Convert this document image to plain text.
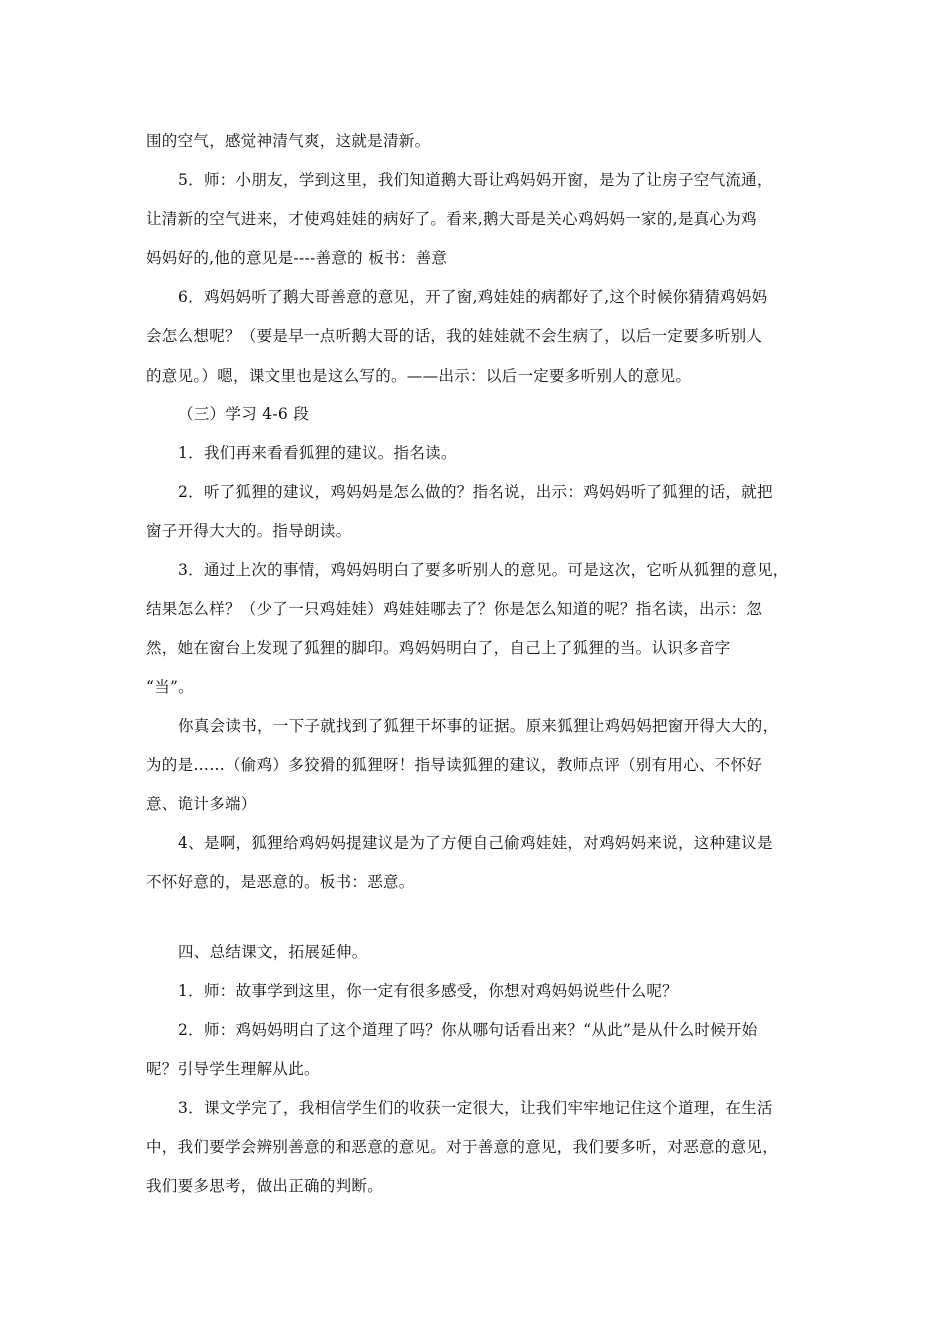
围的空气，感觉神清气爽，这就是清新。
5．师：小朋友，学到这里，我们知道鹅大哥让鸡妈妈开窗，是为了让房子空气流通，
让清新的空气进来，才使鸡娃娃的病好了。看来,鹅大哥是关心鸡妈妈一家的,是真心为鸡
妈妈好的,他的意见是----善意的 板书：善意
6．鸡妈妈听了鹅大哥善意的意见，开了窗,鸡娃娃的病都好了,这个时候你猜猜鸡妈妈
会怎么想呢？（要是早一点听鹅大哥的话，我的娃娃就不会生病了，以后一定要多听别人
的意见。）嗯，课文里也是这么写的。——出示：以后一定要多听别人的意见。
（三）学习 4-6 段
1．我们再来看看狐狸的建议。指名读。
2．听了狐狸的建议，鸡妈妈是怎么做的？指名说，出示：鸡妈妈听了狐狸的话，就把
窗子开得大大的。指导朗读。
3．通过上次的事情，鸡妈妈明白了要多听别人的意见。可是这次，它听从狐狸的意见，
结果怎么样？（少了一只鸡娃娃）鸡娃娃哪去了？你是怎么知道的呢？指名读，出示：忽
然，她在窗台上发现了狐狸的脚印。鸡妈妈明白了，自己上了狐狸的当。认识多音字
“当”。
你真会读书，一下子就找到了狐狸干坏事的证据。原来狐狸让鸡妈妈把窗开得大大的，
为的是……（偷鸡）多狡猾的狐狸呀！指导读狐狸的建议，教师点评（别有用心、不怀好
意、诡计多端）
4、是啊，狐狸给鸡妈妈提建议是为了方便自己偷鸡娃娃，对鸡妈妈来说，这种建议是
不怀好意的，是恶意的。板书：恶意。
四、总结课文，拓展延伸。
1．师：故事学到这里，你一定有很多感受，你想对鸡妈妈说些什么呢？
2．师：鸡妈妈明白了这个道理了吗？你从哪句话看出来？“从此”是从什么时候开始
呢？引导学生理解从此。
3．课文学完了，我相信学生们的收获一定很大，让我们牢牢地记住这个道理，在生活
中，我们要学会辨别善意的和恶意的意见。对于善意的意见，我们要多听，对恶意的意见，
我们要多思考，做出正确的判断。
